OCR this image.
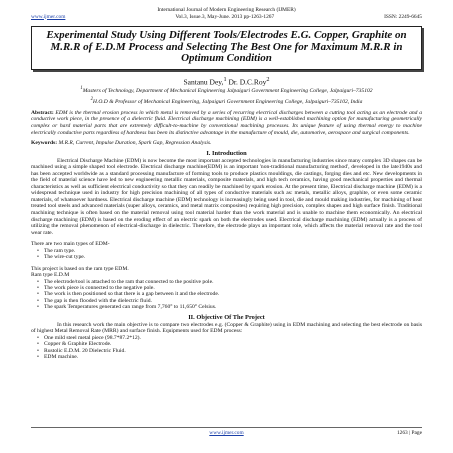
International Journal of Modern Engineering Research (IJMER)
www.ijmer.com	Vol.3, Issue.3, May-June. 2013 pp-1263-1267	ISSN: 2249-6645
Experimental Study Using Different Tools/Electrodes E.G. Copper, Graphite on M.R.R of E.D.M Process and Selecting The Best One for Maximum M.R.R in Optimum Condition
Santanu Dey,$^1$ Dr. D.C.Roy$^2$
$^1$Masters of Technology, Department of Mechanical Engineering Jalpaiguri Government Engineering College, Jalpaiguri–735102
$^2$H.O.D & Professor of Mechanical Engineering, Jalpaiguri Government Engineering College, Jalpaiguri–735102, India
Abstract: EDM is the thermal erosion process in which metal is removed by a series of recurring electrical discharges between a cutting tool acting as an electrode and a conductive work piece, in the presence of a dielectric fluid. Electrical discharge machining (EDM) is a well-established machining option for manufacturing geometrically complex or hard material parts that are extremely difficult-to-machine by conventional machining processes. Its unique feature of using thermal energy to machine electrically conductive parts regardless of hardness has been its distinctive advantage in the manufacture of mould, die, automotive, aerospace and surgical components.
Keywords: M.R.R, Current, Impulse Duration, Spark Gap, Regression Analysis.
I. Introduction

Electrical Discharge Machine (EDM) is now become the most important accepted technologies in manufacturing industries since many complex 3D shapes can be machined using a simple shaped tool electrode. Electrical discharge machine(EDM) is an important 'non-traditional manufacturing method', developed in the late1940s and has been accepted worldwide as a standard processing manufacture of forming tools to produce plastics mouldings, die castings, forging dies and etc. New developments in the field of material science have led to new engineering metallic materials, composite materials, and high tech ceramics, having good mechanical properties and thermal characteristics as well as sufficient electrical conductivity so that they can readily be machined by spark erosion. At the present time, Electrical discharge machine (EDM) is a widespread technique used in industry for high precision machining of all types of conductive materials such as: metals, metallic alloys, graphite, or even some ceramic materials, of whatsoever hardness. Electrical discharge machine (EDM) technology is increasingly being used in tool, die and mould making industries, for machining of heat treated tool steels and advanced materials (super alloys, ceramics, and metal matrix composites) requiring high precision, complex shapes and high surface finish. Traditional machining technique is often based on the material removal using tool material harder than the work material and is unable to machine them economically. An electrical discharge machining (EDM) is based on the eroding effect of an electric spark on both the electrodes used. Electrical discharge machining (EDM) actually is a process of utilizing the removal phenomenon of electrical-discharge in dielectric. Therefore, the electrode plays an important role, which affects the material removal rate and the tool wear rate.

There are two main types of EDM-

• The ram type.
• The wire-cut type.

This project is based on the ram type EDM.

Ram type E.D.M

• The electrode/tool is attached to the ram that connected to the positive pole.
• The work piece is connected to the negative pole.
• The work is then positioned so that there is a gap between it and the electrode.
• The gap is then flooded with the dielectric fluid.
• The spark Temperatures generated can range from 7,760° to 11,650° Celsius.
II. Objective Of The Project

In this research work the main objective is to compare two electrodes e.g. (Copper & Graphite) using in EDM machining and selecting the best electrode on basis of highest Metal Removal Rate (MRR) and surface finish. Equipments used for EDM process:

• One mild steel metal piece (98.7*87.2*12).
• Copper & Graphite Electrode.
• Rustolic E.D.M. 20 Dielectric Fluid.
• EDM machine.
www.ijmer.com	1263 | Page
